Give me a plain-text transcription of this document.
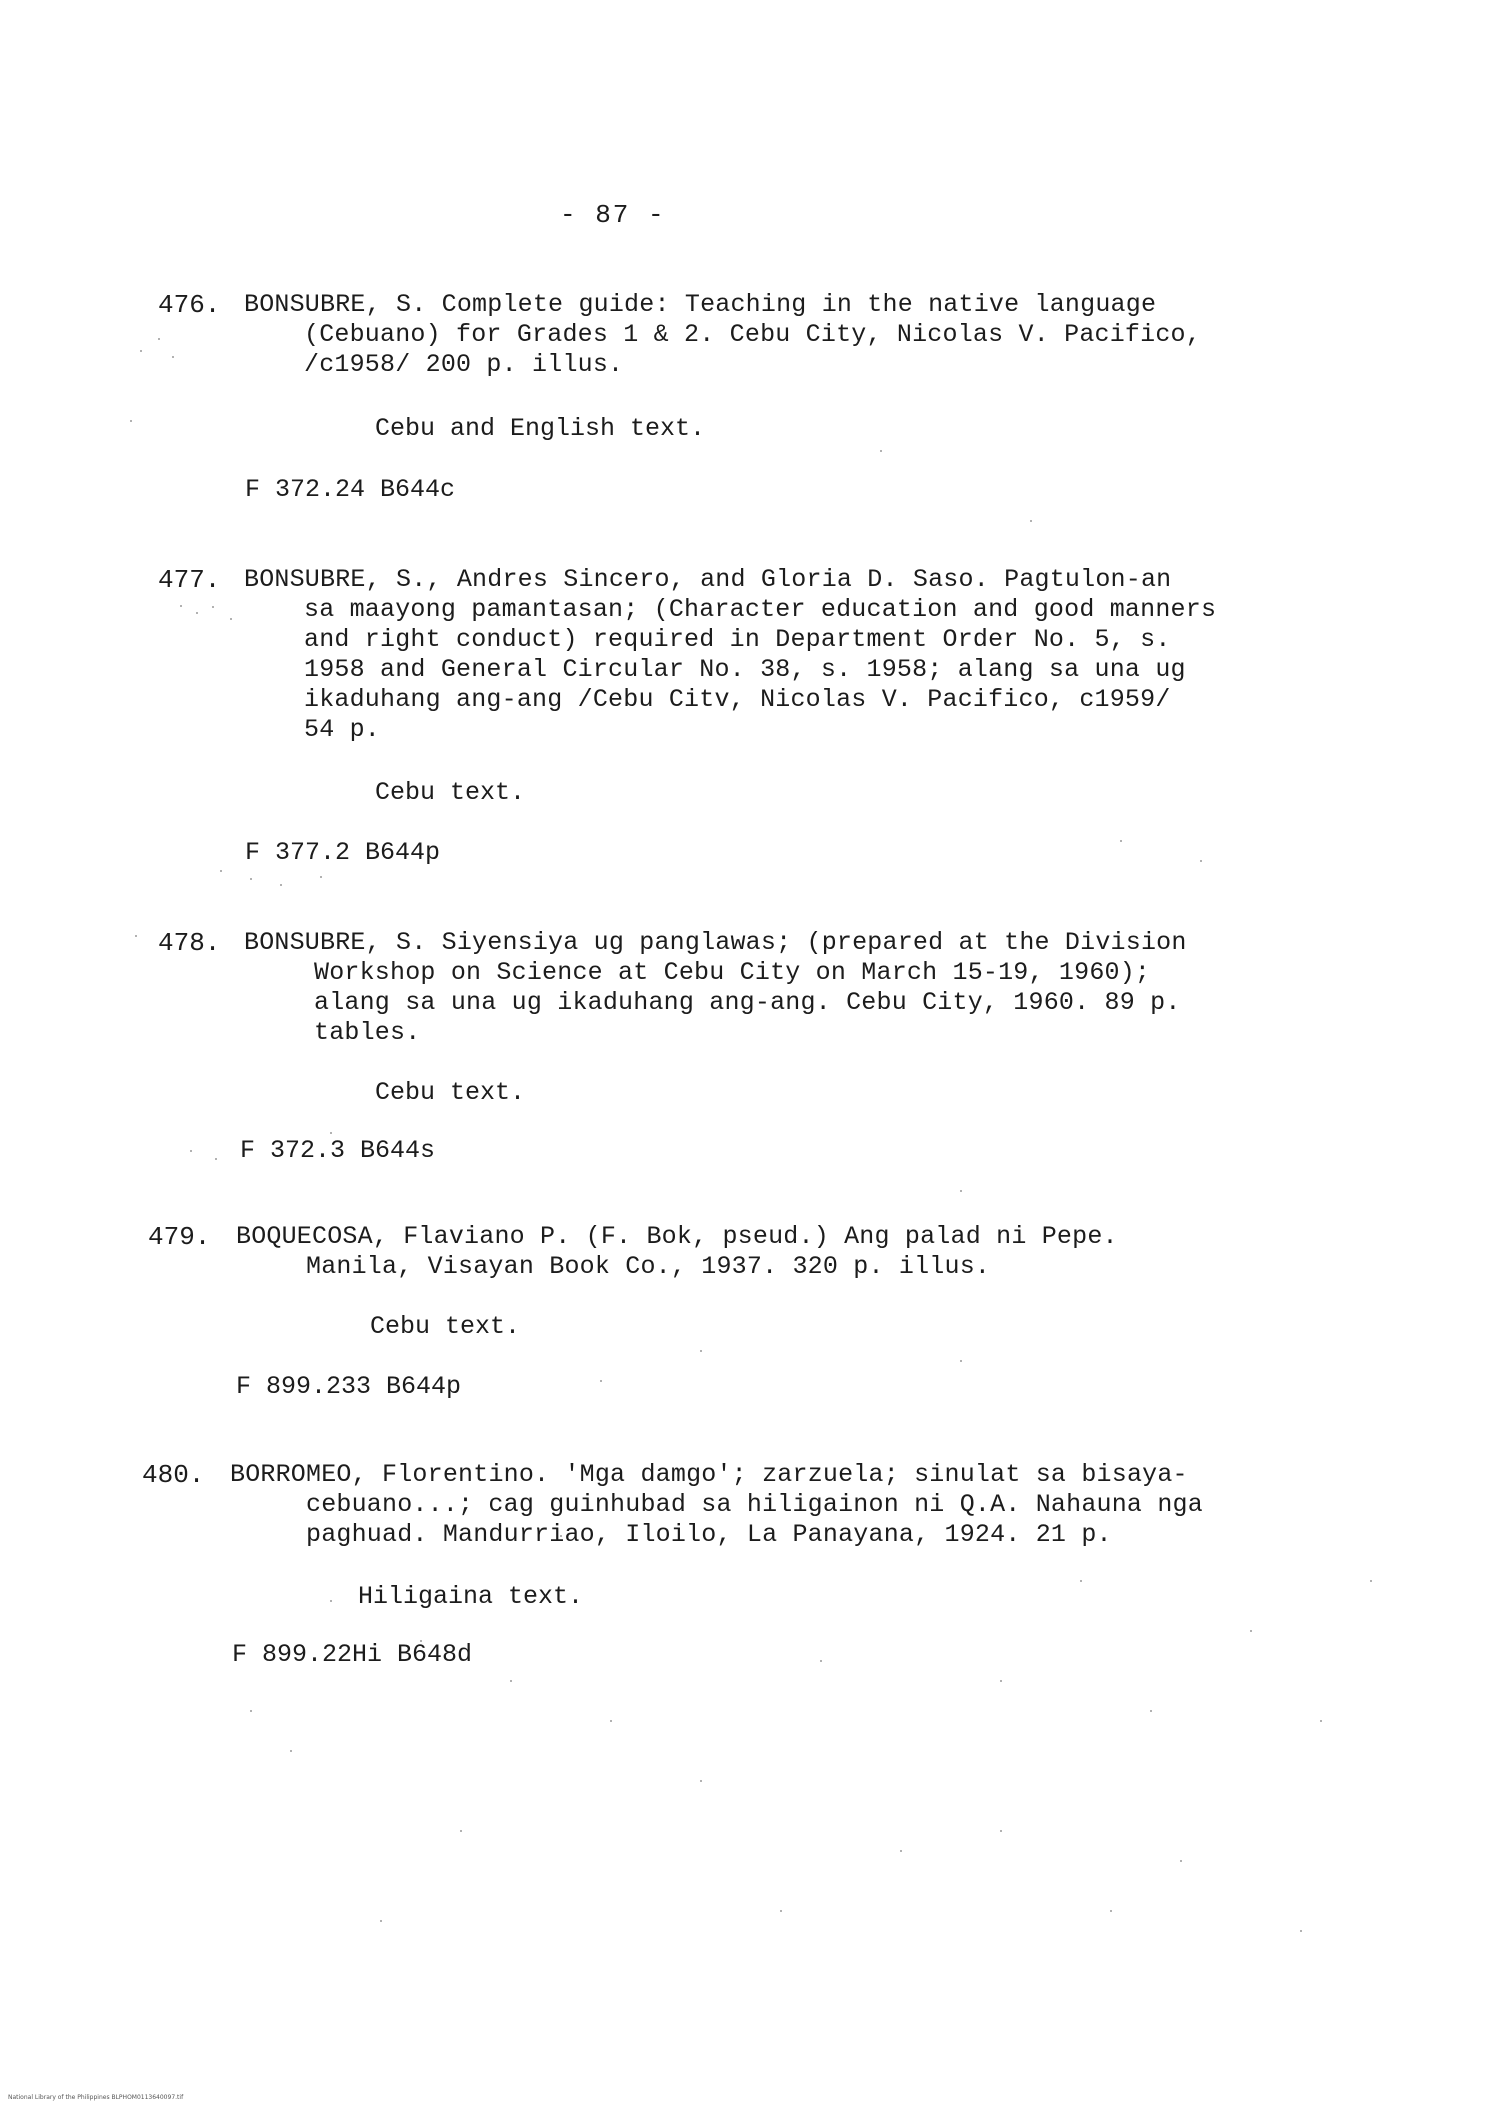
- 87 -
476. BONSUBRE, S. Complete guide: Teaching in the native language
(Cebuano) for Grades 1 & 2. Cebu City, Nicolas V. Pacifico,
/c1958/ 200 p. illus.
Cebu and English text.
F 372.24 B644c
477. BONSUBRE, S., Andres Sincero, and Gloria D. Saso. Pagtulon-an
sa maayong pamantasan; (Character education and good manners
and right conduct) required in Department Order No. 5, s.
1958 and General Circular No. 38, s. 1958; alang sa una ug
ikaduhang ang-ang /Cebu Citv, Nicolas V. Pacifico, c1959/
54 p.
Cebu text.
F 377.2 B644p
478. BONSUBRE, S. Siyensiya ug panglawas; (prepared at the Division
Workshop on Science at Cebu City on March 15-19, 1960);
alang sa una ug ikaduhang ang-ang. Cebu City, 1960. 89 p.
tables.
Cebu text.
F 372.3 B644s
479. BOQUECOSA, Flaviano P. (F. Bok, pseud.) Ang palad ni Pepe.
Manila, Visayan Book Co., 1937. 320 p. illus.
Cebu text.
F 899.233 B644p
480. BORROMEO, Florentino. 'Mga damgo'; zarzuela; sinulat sa bisaya-
cebuano...; cag guinhubad sa hiligainon ni Q.A. Nahauna nga
paghuad. Mandurriao, Iloilo, La Panayana, 1924. 21 p.
Hiligaina text.
F 899.22Hi B648d
National Library of the Philippines BLPHOM0113640097.tif
